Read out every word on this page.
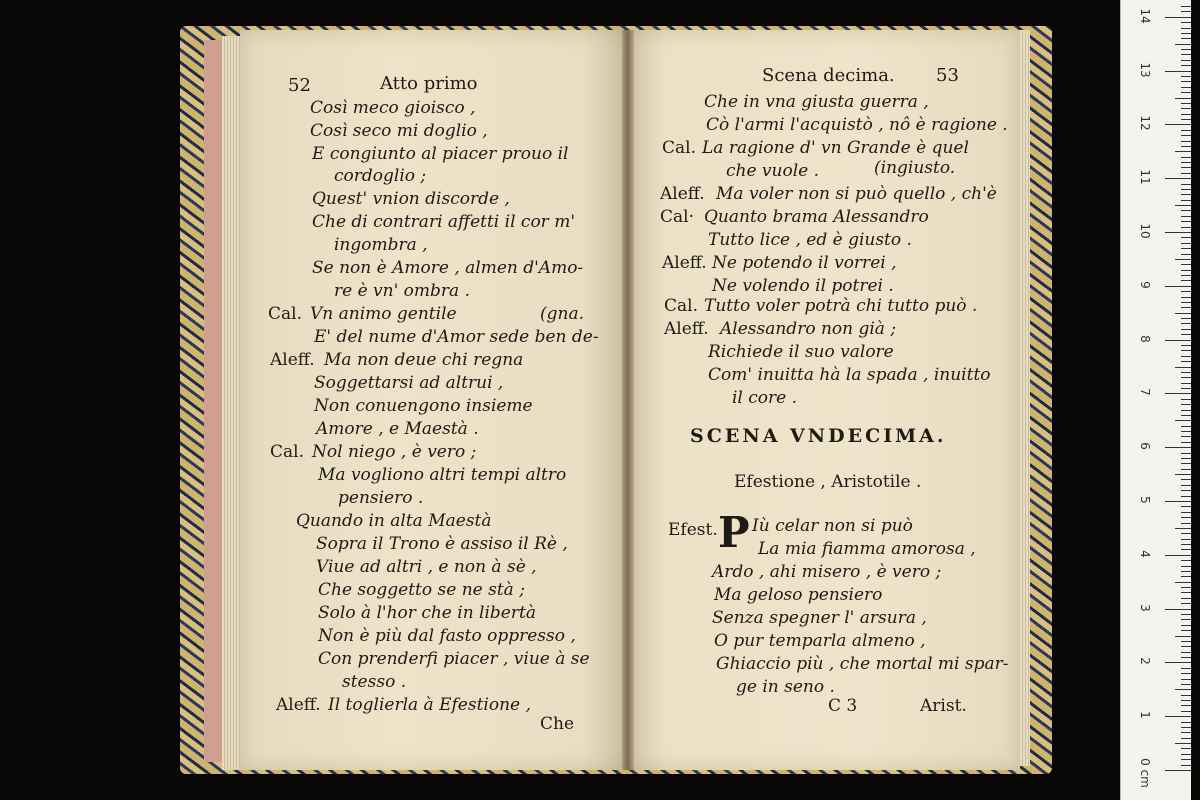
52	Atto primo
Così meco gioisco ,
Così seco mi doglio ,
E congiunto al piacer prouo il
cordoglio ;
Quest' vnion discorde ,
Che di contrari affetti il cor m'
ingombra ,
Se non è Amore , almen d'Amo-
re è vn' ombra .
Cal. Vn animo gentile	(gna.
E' del nume d'Amor sede ben de-
Aleff. Ma non deue chi regna
Soggettarsi ad altrui ,
Non conuengono insieme
Amore , e Maestà .
Cal. Nol niego , è vero ;
Ma vogliono altri tempi altro
pensiero .
Quando in alta Maestà
Sopra il Trono è assiso il Rè ,
Viue ad altri , e non à sè ,
Che soggetto se ne stà ;
Solo à l'hor che in libertà
Non è più dal fasto oppresso ,
Con prenderfi piacer , viue à se
stesso .
Aleff. Il toglierla à Efestione ,
Che
Scena decima. 53
Che in vna giusta guerra ,
Cò l'armi l'acquistò , nô è ragione .
Cal. La ragione d' vn Grande è quel
che vuole .	(ingiusto.
Aleff. Ma voler non si può quello , ch'è
Cal· Quanto brama Alessandro
Tutto lice , ed è giusto .
Aleff. Ne potendo il vorrei ,
Ne volendo il potrei .
Cal. Tutto voler potrà chi tutto può .
Aleff. Alessandro non già ;
Richiede il suo valore
Com' inuitta hà la spada , inuitto
il core .
SCENA VNDECIMA.
Efestione , Aristotile .
Efest. P Iù celar non si può
La mia fiamma amorosa ,
Ardo , ahi misero , è vero ;
Ma geloso pensiero
Senza spegner l' arsura ,
O pur temparla almeno ,
Ghiaccio più , che mortal mi spar-
ge in seno .
C 3	Arist.	1
2
3
4
5
6
7
8
9
10
11
12
13
14
0 cm
